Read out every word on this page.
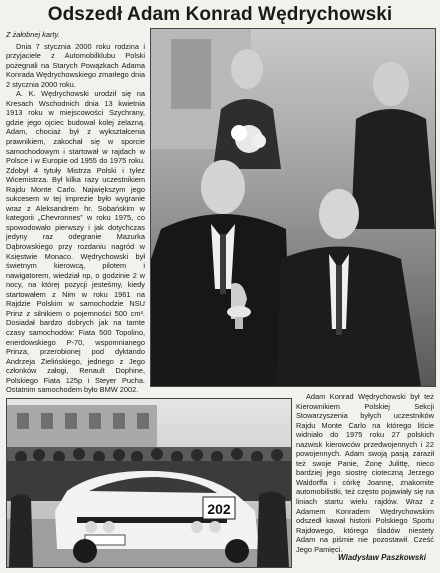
Odszedł Adam Konrad Wędrychowski

Z żałobnej karty.

Dnia 7 stycznia 2000 roku rodzina i przyjaciele z Automobilklubu Polski pożegnali na Starych Powązkach Adama Konrada Wędrychowskiego zmarłego dnia 2 stycznia 2000 roku.

A. K. Wędrychowski urodził się na Kresach Wschodnich dnia 13 kwietnia 1913 roku w miejscowości Szychrany, gdzie jego ojciec budował kolej żelazną. Adam, chociaż był z wykształcenia prawnikiem, zakochał się w sporcie samochodowym i startował w rajdach w Polsce i w Europie od 1955 do 1975 roku. Zdobył 4 tytuły Mistrza Polski i tylez Wicemistrza. Był kilka razy uczestnikiem Rajdu Monte Carlo. Największym jego sukcesem w tej imprezie było wygranie wraz z Aleksandrem hr. Sobańskim w kategorii „Chevronnes” w roku 1975, co spowodowało pierwszy i jak dotychczas jedyny raz odegranie Mazurka Dąbrowskiego przy rozdaniu nagród w Księstwie Monaco. Wędrychowski był świetnym kierowcą, pilotem i nawigatorem, wiedział np, o godzinie 2 w nocy, na której pozycji jesteśmy, kiedy startowałem z Nim w roku 1961 na Rajdzie Polskim w samochodzie NSU Prinz z silnikiem o pojemności 500 cm³. Dosiadał bardzo dobrych jak na tamte czasy samochodów: Fiata 500 Topolino, enerdowskiego P-70, wspomnianego Prinza, przerobionej pod dyktando Andrzeja Zielińskiego, jednego z Jego członków załogi, Renault Dophine, Polskiego Fiata 125p i Steyer Pucha. Ostatnim samochodem było BMW 2002.

202

Adam Konrad Wędrychowski był też Kierownikiem Polskiej Sekcji Stowarzyszenia byłych uczestników Rajdu Monte Carlo na którego liście widniało do 1975 roku 27 polskich nazwisk kierowców przedwojennych i 22 powojennych. Adam swoją pasją zaraził też swoje Panie, Żonę Julittę, nieco bardziej jego siostrę cioteczną Jerzego Waldorffa i córkę Joannę, znakomite automobilistki, też często pojawiały się na liniach startu wielu rajdów. Wraz z Adamem Konradem Wędrychowskim odszedł kawał historii Polskiego Sportu Rajdowego, którego śladów niestety Adam na piśmie nie pozostawił. Cześć Jego Pamięci.

Wladysław Paszkowski
